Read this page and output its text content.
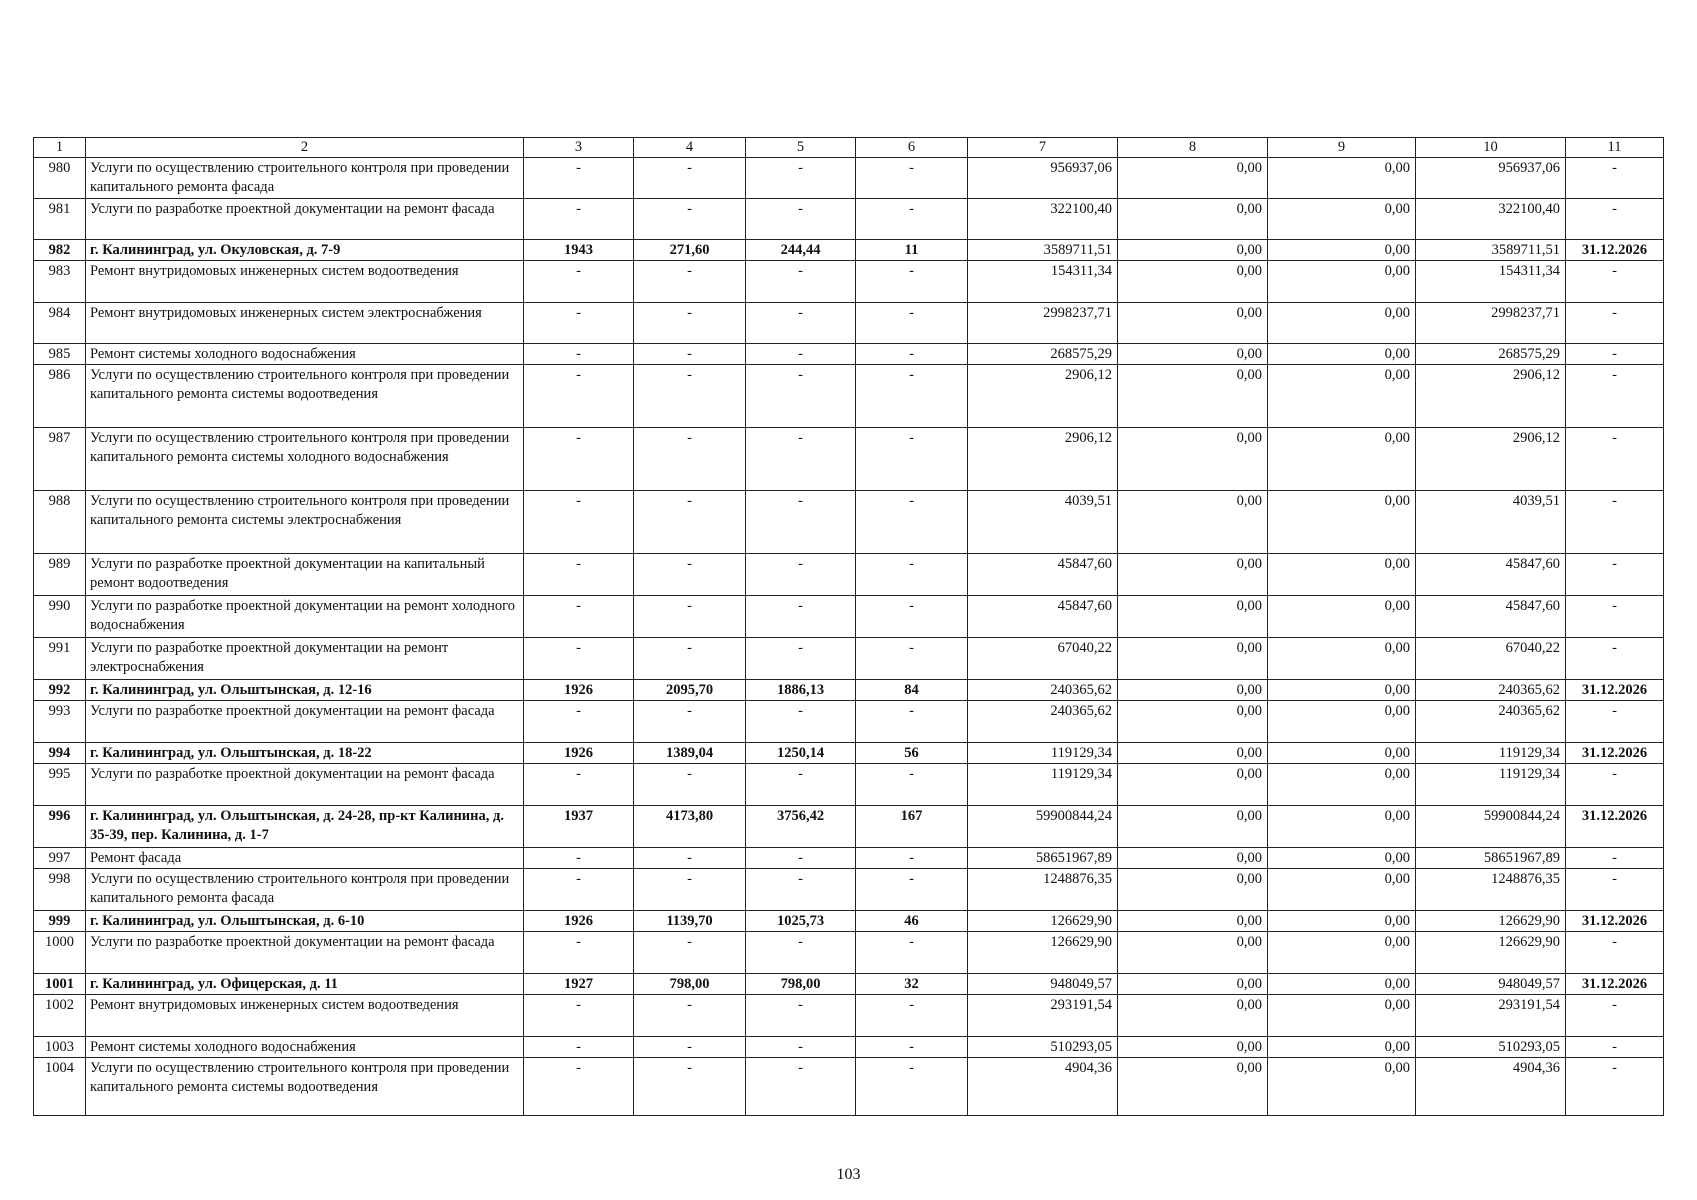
1	2	3	4	5	6	7	8	9	10	11
980	Услуги по осуществлению строительного контроля при проведении капитального ремонта фасада	-	-	-	-	956937,06	0,00	0,00	956937,06	-
981	Услуги по разработке проектной документации на ремонт фасада	-	-	-	-	322100,40	0,00	0,00	322100,40	-
982	г. Калининград, ул. Окуловская, д. 7-9	1943	271,60	244,44	11	3589711,51	0,00	0,00	3589711,51	31.12.2026
983	Ремонт внутридомовых инженерных систем водоотведения	-	-	-	-	154311,34	0,00	0,00	154311,34	-
984	Ремонт внутридомовых инженерных систем электроснабжения	-	-	-	-	2998237,71	0,00	0,00	2998237,71	-
985	Ремонт системы холодного водоснабжения	-	-	-	-	268575,29	0,00	0,00	268575,29	-
986	Услуги по осуществлению строительного контроля при проведении капитального ремонта системы водоотведения	-	-	-	-	2906,12	0,00	0,00	2906,12	-
987	Услуги по осуществлению строительного контроля при проведении капитального ремонта системы холодного водоснабжения	-	-	-	-	2906,12	0,00	0,00	2906,12	-
988	Услуги по осуществлению строительного контроля при проведении капитального ремонта системы электроснабжения	-	-	-	-	4039,51	0,00	0,00	4039,51	-
989	Услуги по разработке проектной документации на капитальный ремонт водоотведения	-	-	-	-	45847,60	0,00	0,00	45847,60	-
990	Услуги по разработке проектной документации на ремонт холодного водоснабжения	-	-	-	-	45847,60	0,00	0,00	45847,60	-
991	Услуги по разработке проектной документации на ремонт электроснабжения	-	-	-	-	67040,22	0,00	0,00	67040,22	-
992	г. Калининград, ул. Ольштынская, д. 12-16	1926	2095,70	1886,13	84	240365,62	0,00	0,00	240365,62	31.12.2026
993	Услуги по разработке проектной документации на ремонт фасада	-	-	-	-	240365,62	0,00	0,00	240365,62	-
994	г. Калининград, ул. Ольштынская, д. 18-22	1926	1389,04	1250,14	56	119129,34	0,00	0,00	119129,34	31.12.2026
995	Услуги по разработке проектной документации на ремонт фасада	-	-	-	-	119129,34	0,00	0,00	119129,34	-
996	г. Калининград, ул. Ольштынская, д. 24-28, пр-кт Калинина, д. 35-39, пер. Калинина, д. 1-7	1937	4173,80	3756,42	167	59900844,24	0,00	0,00	59900844,24	31.12.2026
997	Ремонт фасада	-	-	-	-	58651967,89	0,00	0,00	58651967,89	-
998	Услуги по осуществлению строительного контроля при проведении капитального ремонта фасада	-	-	-	-	1248876,35	0,00	0,00	1248876,35	-
999	г. Калининград, ул. Ольштынская, д. 6-10	1926	1139,70	1025,73	46	126629,90	0,00	0,00	126629,90	31.12.2026
1000	Услуги по разработке проектной документации на ремонт фасада	-	-	-	-	126629,90	0,00	0,00	126629,90	-
1001	г. Калининград, ул. Офицерская, д. 11	1927	798,00	798,00	32	948049,57	0,00	0,00	948049,57	31.12.2026
1002	Ремонт внутридомовых инженерных систем водоотведения	-	-	-	-	293191,54	0,00	0,00	293191,54	-
1003	Ремонт системы холодного водоснабжения	-	-	-	-	510293,05	0,00	0,00	510293,05	-
1004	Услуги по осуществлению строительного контроля при проведении капитального ремонта системы водоотведения	-	-	-	-	4904,36	0,00	0,00	4904,36	-
103
